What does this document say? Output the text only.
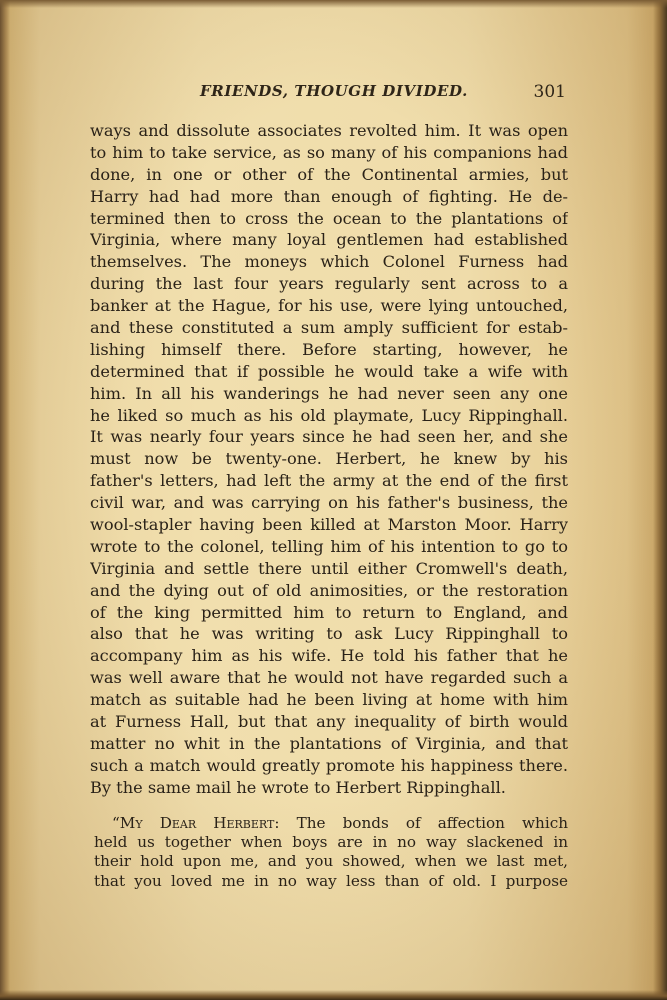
FRIENDS, THOUGH DIVIDED.	301
ways and dissolute associates revolted him. It was open
to him to take service, as so many of his companions had
done, in one or other of the Continental armies, but
Harry had had more than enough of fighting. He de-
termined then to cross the ocean to the plantations of
Virginia, where many loyal gentlemen had established
themselves. The moneys which Colonel Furness had
during the last four years regularly sent across to a
banker at the Hague, for his use, were lying untouched,
and these constituted a sum amply sufficient for estab-
lishing himself there. Before starting, however, he
determined that if possible he would take a wife with
him. In all his wanderings he had never seen any one
he liked so much as his old playmate, Lucy Rippinghall.
It was nearly four years since he had seen her, and she
must now be twenty-one. Herbert, he knew by his
father's letters, had left the army at the end of the first
civil war, and was carrying on his father's business, the
wool-stapler having been killed at Marston Moor. Harry
wrote to the colonel, telling him of his intention to go to
Virginia and settle there until either Cromwell's death,
and the dying out of old animosities, or the restoration
of the king permitted him to return to England, and
also that he was writing to ask Lucy Rippinghall to
accompany him as his wife. He told his father that he
was well aware that he would not have regarded such a
match as suitable had he been living at home with him
at Furness Hall, but that any inequality of birth would
matter no whit in the plantations of Virginia, and that
such a match would greatly promote his happiness there.
By the same mail he wrote to Herbert Rippinghall.
“My Dear Herbert: The bonds of affection which
held us together when boys are in no way slackened in
their hold upon me, and you showed, when we last met,
that you loved me in no way less than of old. I purpose
